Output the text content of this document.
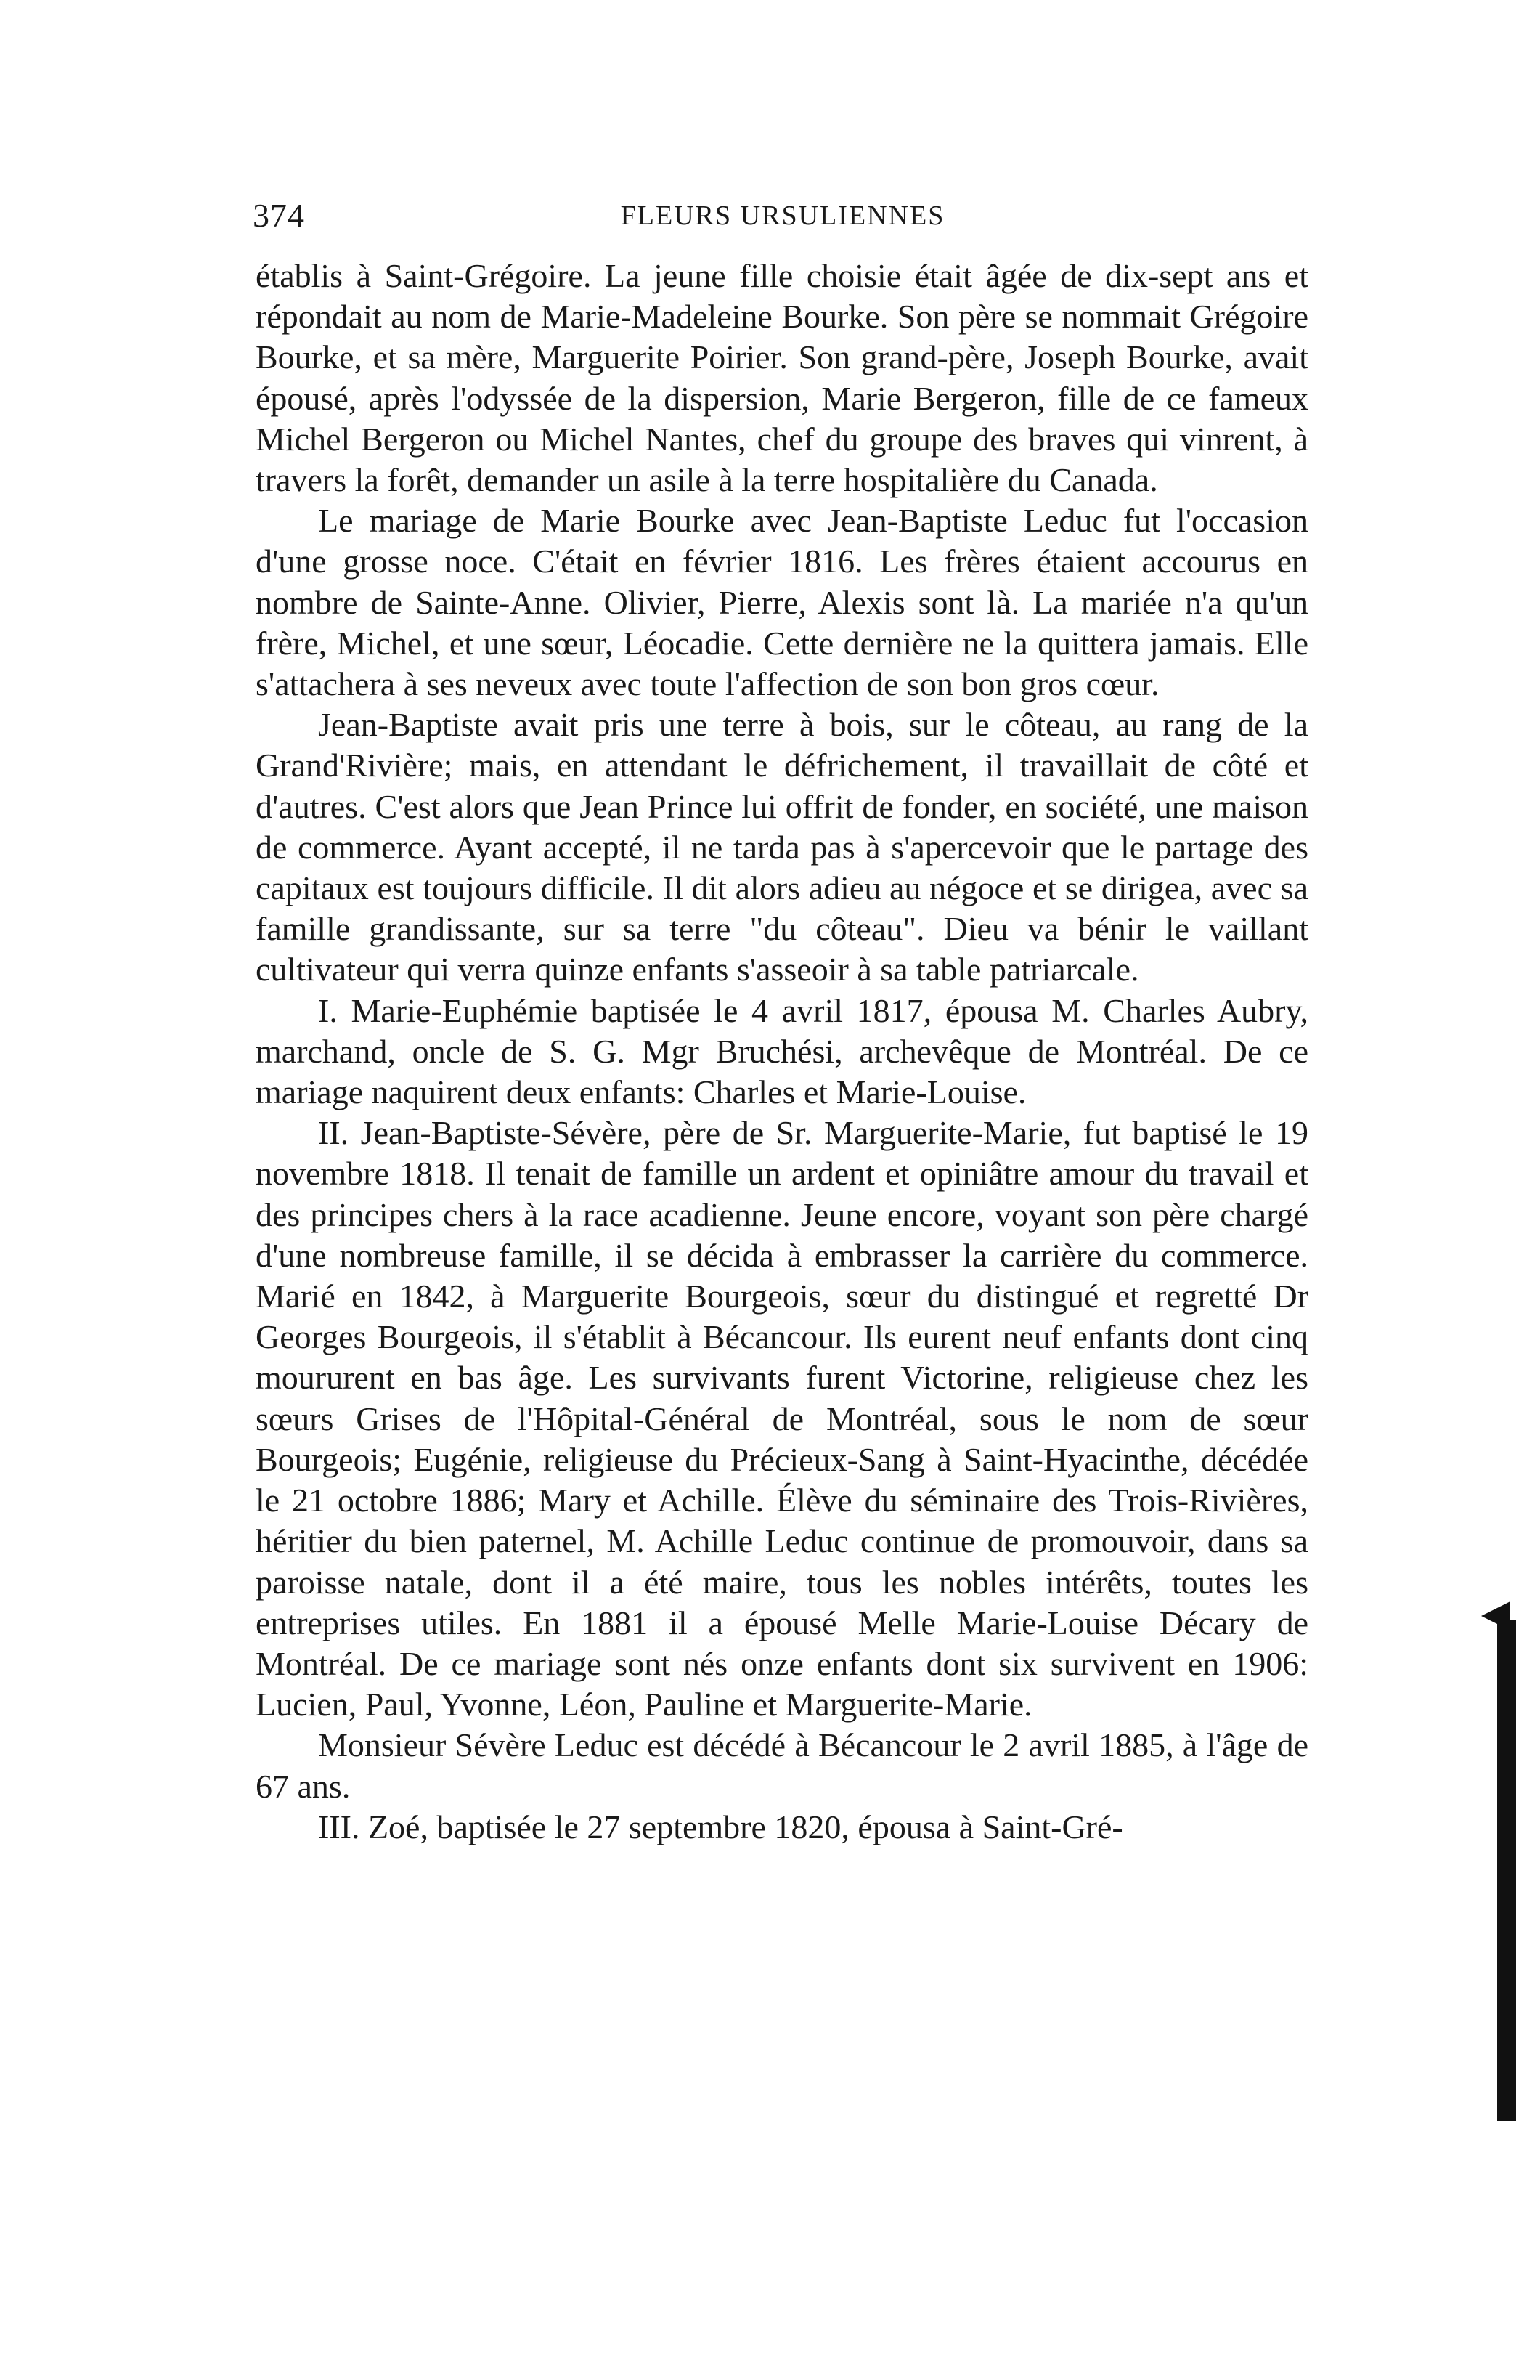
374	FLEURS URSULIENNES

établis à Saint-Grégoire. La jeune fille choisie était âgée de dix-sept ans et répondait au nom de Marie-Madeleine Bourke. Son père se nommait Grégoire Bourke, et sa mère, Marguerite Poirier. Son grand-père, Joseph Bourke, avait épousé, après l'odyssée de la dispersion, Marie Bergeron, fille de ce fameux Michel Bergeron ou Michel Nantes, chef du groupe des braves qui vinrent, à travers la forêt, demander un asile à la terre hospitalière du Canada.

Le mariage de Marie Bourke avec Jean-Baptiste Leduc fut l'occasion d'une grosse noce. C'était en février 1816. Les frères étaient accourus en nombre de Sainte-Anne. Olivier, Pierre, Alexis sont là. La mariée n'a qu'un frère, Michel, et une sœur, Léocadie. Cette dernière ne la quittera jamais. Elle s'attachera à ses neveux avec toute l'affection de son bon gros cœur.

Jean-Baptiste avait pris une terre à bois, sur le côteau, au rang de la Grand'Rivière; mais, en attendant le défrichement, il travaillait de côté et d'autres. C'est alors que Jean Prince lui offrit de fonder, en société, une maison de commerce. Ayant accepté, il ne tarda pas à s'apercevoir que le partage des capitaux est toujours difficile. Il dit alors adieu au négoce et se dirigea, avec sa famille grandissante, sur sa terre "du côteau". Dieu va bénir le vaillant cultivateur qui verra quinze enfants s'asseoir à sa table patriarcale.

I. Marie-Euphémie baptisée le 4 avril 1817, épousa M. Charles Aubry, marchand, oncle de S. G. Mgr Bruchési, archevêque de Montréal. De ce mariage naquirent deux enfants: Charles et Marie-Louise.

II. Jean-Baptiste-Sévère, père de Sr. Marguerite-Marie, fut baptisé le 19 novembre 1818. Il tenait de famille un ardent et opiniâtre amour du travail et des principes chers à la race acadienne. Jeune encore, voyant son père chargé d'une nombreuse famille, il se décida à embrasser la carrière du commerce. Marié en 1842, à Marguerite Bourgeois, sœur du distingué et regretté Dr Georges Bourgeois, il s'établit à Bécancour. Ils eurent neuf enfants dont cinq moururent en bas âge. Les survivants furent Victorine, religieuse chez les sœurs Grises de l'Hôpital-Général de Montréal, sous le nom de sœur Bourgeois; Eugénie, religieuse du Précieux-Sang à Saint-Hyacinthe, décédée le 21 octobre 1886; Mary et Achille. Élève du séminaire des Trois-Rivières, héritier du bien paternel, M. Achille Leduc continue de promouvoir, dans sa paroisse natale, dont il a été maire, tous les nobles intérêts, toutes les entreprises utiles. En 1881 il a épousé Melle Marie-Louise Décary de Montréal. De ce mariage sont nés onze enfants dont six survivent en 1906: Lucien, Paul, Yvonne, Léon, Pauline et Marguerite-Marie.

Monsieur Sévère Leduc est décédé à Bécancour le 2 avril 1885, à l'âge de 67 ans.

III. Zoé, baptisée le 27 septembre 1820, épousa à Saint-Gré-
